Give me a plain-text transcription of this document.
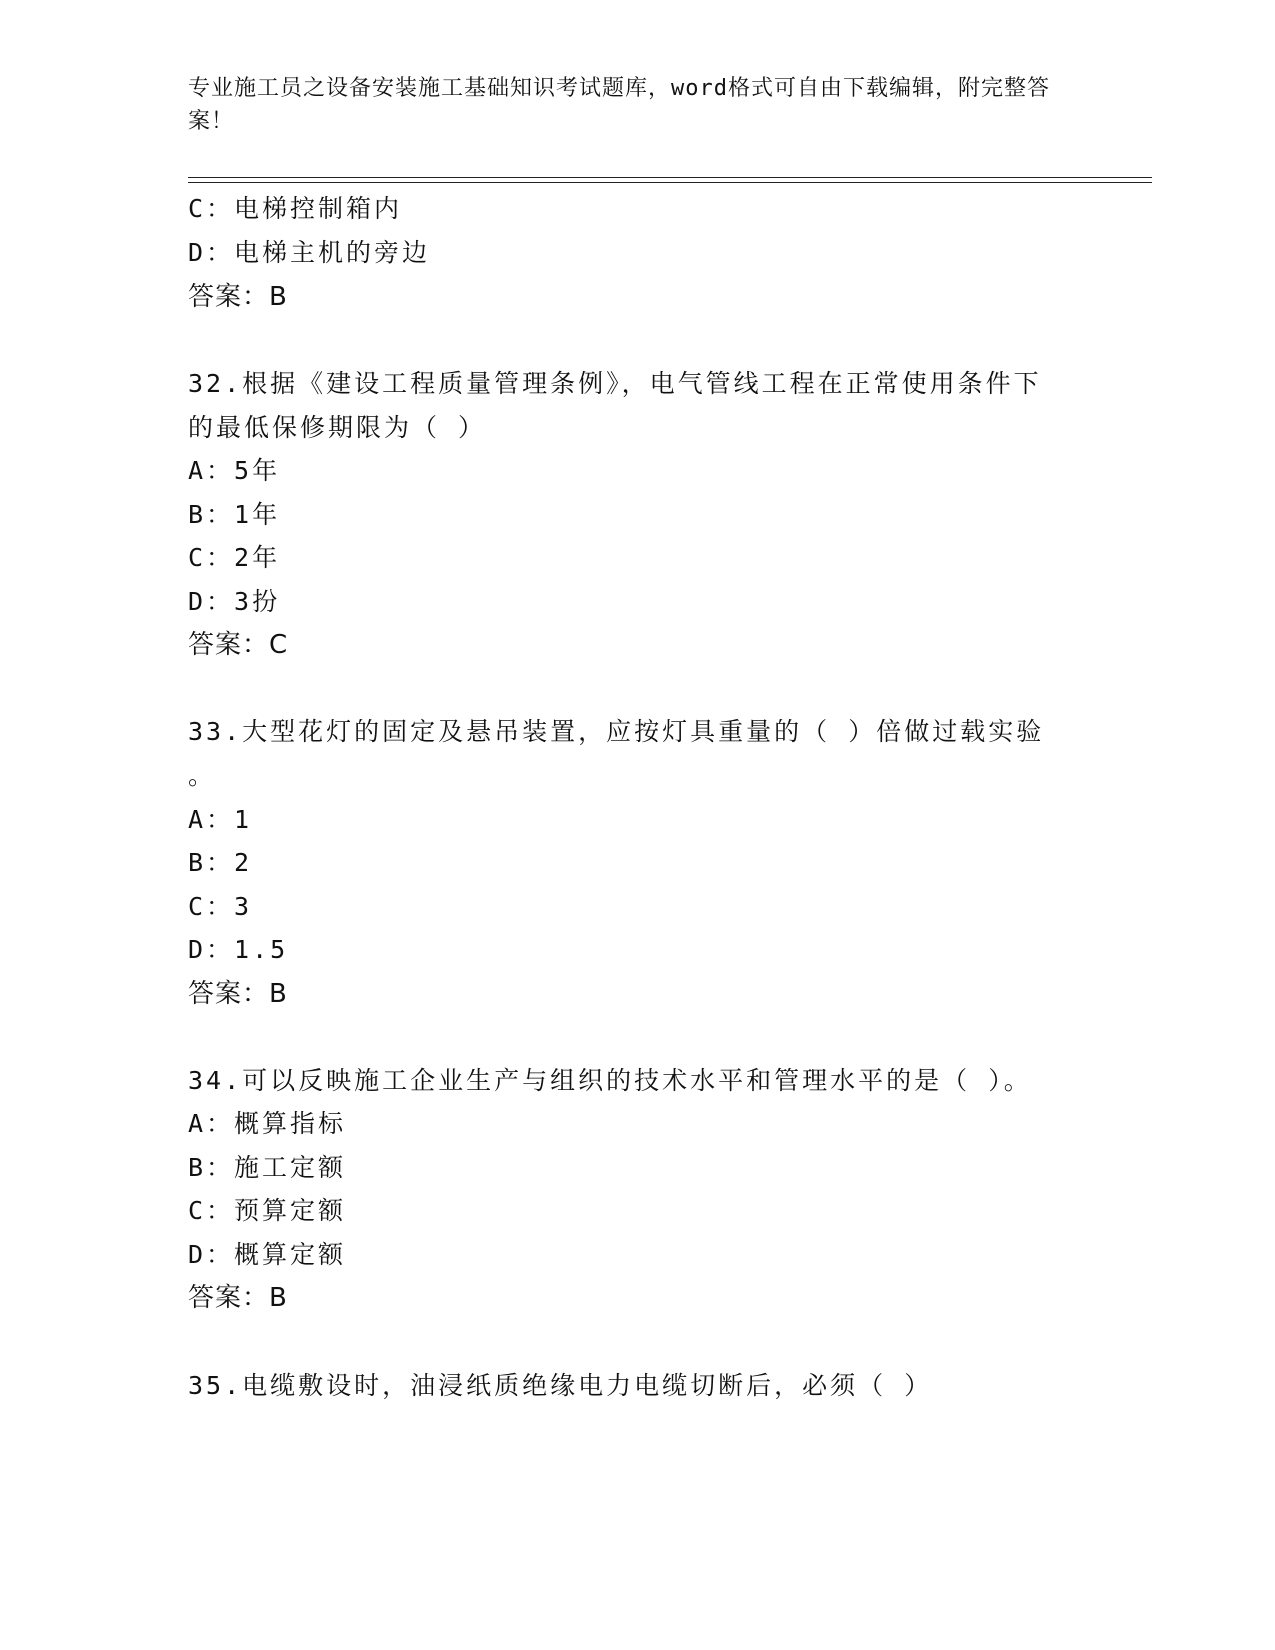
专业施工员之设备安装施工基础知识考试题库，word格式可自由下载编辑，附完整答案！
C：电梯控制箱内
D：电梯主机的旁边
答案：B
32.根据《建设工程质量管理条例》，电气管线工程在正常使用条件下
的最低保修期限为（ ）
A：5年
B：1年
C：2年
D：3扮
答案：C
33.大型花灯的固定及悬吊装置，应按灯具重量的（ ）倍做过载实验
。
A：1
B：2
C：3
D：1.5
答案：B
34.可以反映施工企业生产与组织的技术水平和管理水平的是（ ）。
A：概算指标
B：施工定额
C：预算定额
D：概算定额
答案：B
35.电缆敷设时，油浸纸质绝缘电力电缆切断后，必须（ ）
